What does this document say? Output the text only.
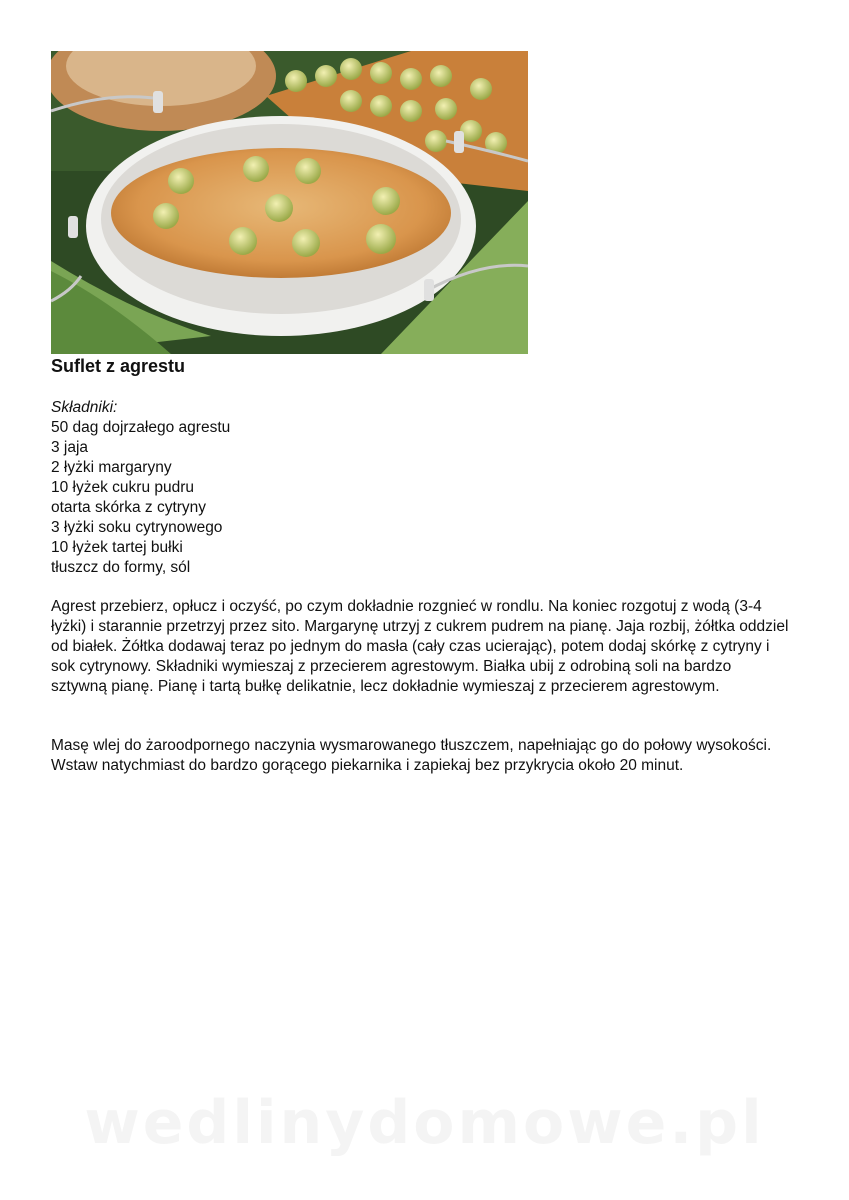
Suflet z agrestu
Składniki:
50 dag dojrzałego agrestu
3 jaja
2 łyżki margaryny
10 łyżek cukru pudru
otarta skórka z cytryny
3 łyżki soku cytrynowego
10 łyżek tartej bułki
tłuszcz do formy, sól

Agrest przebierz, opłucz i oczyść, po czym dokładnie rozgnieć w rondlu. Na koniec rozgotuj z wodą (3-4 łyżki) i starannie przetrzyj przez sito. Margarynę utrzyj z cukrem pudrem na pianę. Jaja rozbij, żółtka oddziel od białek. Żółtka dodawaj teraz po jednym do masła (cały czas ucierając), potem dodaj skórkę z cytryny i sok cytrynowy. Składniki wymieszaj z przecierem agrestowym. Białka ubij z odrobiną soli na bardzo sztywną pianę. Pianę i tartą bułkę delikatnie, lecz dokładnie wymieszaj z przecierem agrestowym.

Masę wlej do żaroodpornego naczynia wysmarowanego tłuszczem, napełniając go do połowy wysokości. Wstaw natychmiast do bardzo gorącego piekarnika i zapiekaj bez przykrycia około 20 minut.

wedlinydomowe.pl
